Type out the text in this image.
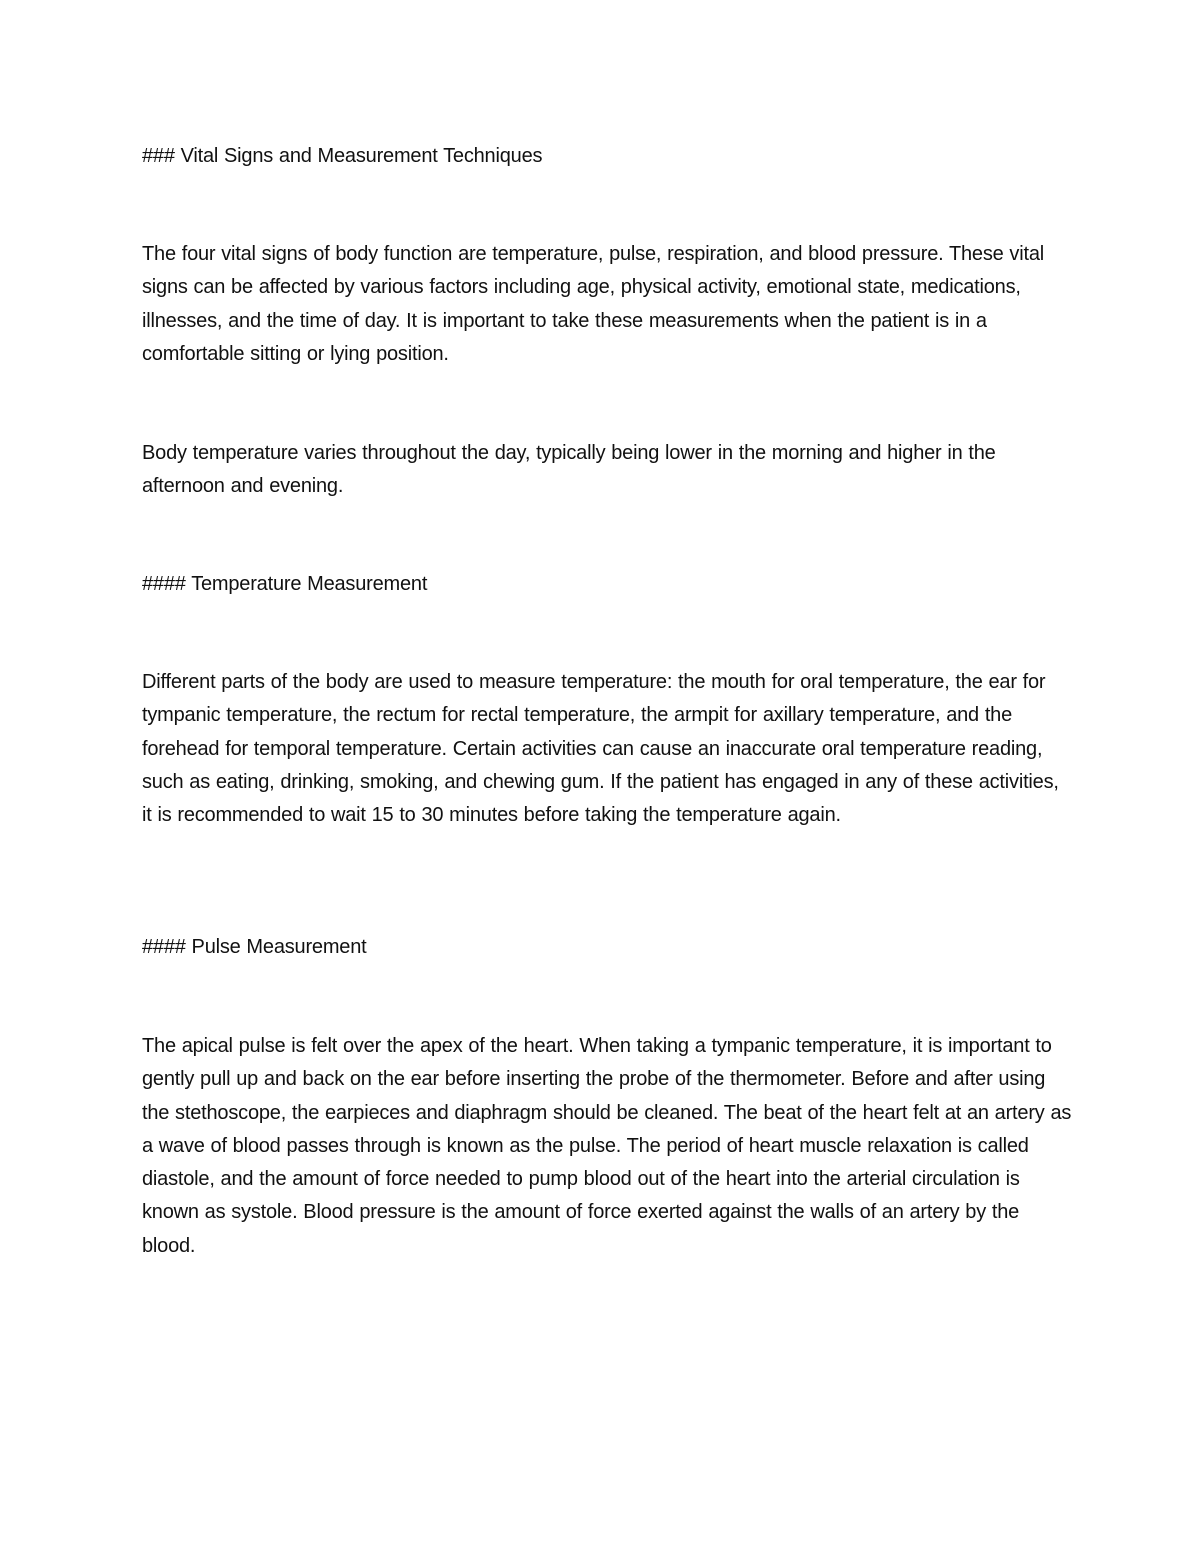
### Vital Signs and Measurement Techniques

The four vital signs of body function are temperature, pulse, respiration, and blood pressure. These vital signs can be affected by various factors including age, physical activity, emotional state, medications, illnesses, and the time of day. It is important to take these measurements when the patient is in a comfortable sitting or lying position.

Body temperature varies throughout the day, typically being lower in the morning and higher in the afternoon and evening.

#### Temperature Measurement

Different parts of the body are used to measure temperature: the mouth for oral temperature, the ear for tympanic temperature, the rectum for rectal temperature, the armpit for axillary temperature, and the forehead for temporal temperature. Certain activities can cause an inaccurate oral temperature reading, such as eating, drinking, smoking, and chewing gum. If the patient has engaged in any of these activities, it is recommended to wait 15 to 30 minutes before taking the temperature again.

#### Pulse Measurement

The apical pulse is felt over the apex of the heart. When taking a tympanic temperature, it is important to gently pull up and back on the ear before inserting the probe of the thermometer. Before and after using the stethoscope, the earpieces and diaphragm should be cleaned. The beat of the heart felt at an artery as a wave of blood passes through is known as the pulse. The period of heart muscle relaxation is called diastole, and the amount of force needed to pump blood out of the heart into the arterial circulation is known as systole. Blood pressure is the amount of force exerted against the walls of an artery by the blood.
